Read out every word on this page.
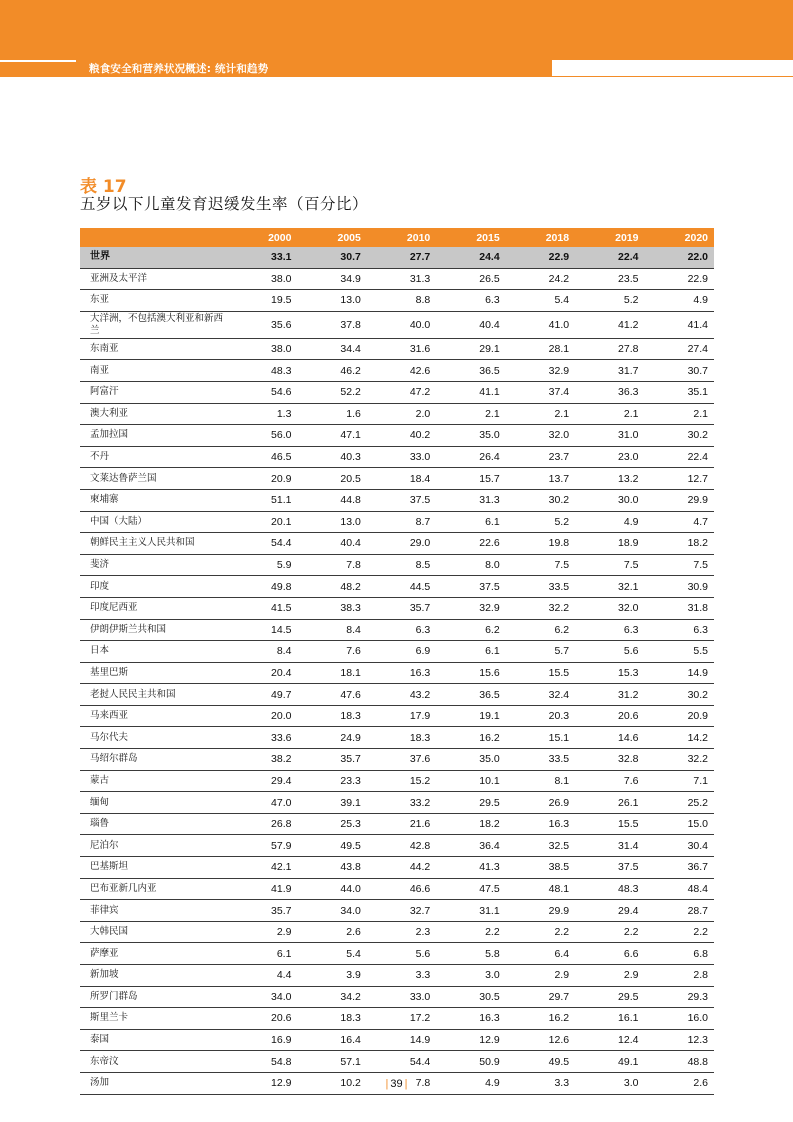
粮食安全和营养状况概述: 统计和趋势
表 17
五岁以下儿童发育迟缓发生率（百分比）
	2000	2005	2010	2015	2018	2019	2020
世界	33.1	30.7	27.7	24.4	22.9	22.4	22.0
亚洲及太平洋	38.0	34.9	31.3	26.5	24.2	23.5	22.9
东亚	19.5	13.0	8.8	6.3	5.4	5.2	4.9
大洋洲，不包括澳大利亚和新西兰	35.6	37.8	40.0	40.4	41.0	41.2	41.4
东南亚	38.0	34.4	31.6	29.1	28.1	27.8	27.4
南亚	48.3	46.2	42.6	36.5	32.9	31.7	30.7
阿富汗	54.6	52.2	47.2	41.1	37.4	36.3	35.1
澳大利亚	1.3	1.6	2.0	2.1	2.1	2.1	2.1
孟加拉国	56.0	47.1	40.2	35.0	32.0	31.0	30.2
不丹	46.5	40.3	33.0	26.4	23.7	23.0	22.4
文莱达鲁萨兰国	20.9	20.5	18.4	15.7	13.7	13.2	12.7
柬埔寨	51.1	44.8	37.5	31.3	30.2	30.0	29.9
中国（大陆）	20.1	13.0	8.7	6.1	5.2	4.9	4.7
朝鲜民主主义人民共和国	54.4	40.4	29.0	22.6	19.8	18.9	18.2
斐济	5.9	7.8	8.5	8.0	7.5	7.5	7.5
印度	49.8	48.2	44.5	37.5	33.5	32.1	30.9
印度尼西亚	41.5	38.3	35.7	32.9	32.2	32.0	31.8
伊朗伊斯兰共和国	14.5	8.4	6.3	6.2	6.2	6.3	6.3
日本	8.4	7.6	6.9	6.1	5.7	5.6	5.5
基里巴斯	20.4	18.1	16.3	15.6	15.5	15.3	14.9
老挝人民民主共和国	49.7	47.6	43.2	36.5	32.4	31.2	30.2
马来西亚	20.0	18.3	17.9	19.1	20.3	20.6	20.9
马尔代夫	33.6	24.9	18.3	16.2	15.1	14.6	14.2
马绍尔群岛	38.2	35.7	37.6	35.0	33.5	32.8	32.2
蒙古	29.4	23.3	15.2	10.1	8.1	7.6	7.1
缅甸	47.0	39.1	33.2	29.5	26.9	26.1	25.2
瑙鲁	26.8	25.3	21.6	18.2	16.3	15.5	15.0
尼泊尔	57.9	49.5	42.8	36.4	32.5	31.4	30.4
巴基斯坦	42.1	43.8	44.2	41.3	38.5	37.5	36.7
巴布亚新几内亚	41.9	44.0	46.6	47.5	48.1	48.3	48.4
菲律宾	35.7	34.0	32.7	31.1	29.9	29.4	28.7
大韩民国	2.9	2.6	2.3	2.2	2.2	2.2	2.2
萨摩亚	6.1	5.4	5.6	5.8	6.4	6.6	6.8
新加坡	4.4	3.9	3.3	3.0	2.9	2.9	2.8
所罗门群岛	34.0	34.2	33.0	30.5	29.7	29.5	29.3
斯里兰卡	20.6	18.3	17.2	16.3	16.2	16.1	16.0
泰国	16.9	16.4	14.9	12.9	12.6	12.4	12.3
东帝汶	54.8	57.1	54.4	50.9	49.5	49.1	48.8
汤加	12.9	10.2	7.8	4.9	3.3	3.0	2.6
| 39 |
